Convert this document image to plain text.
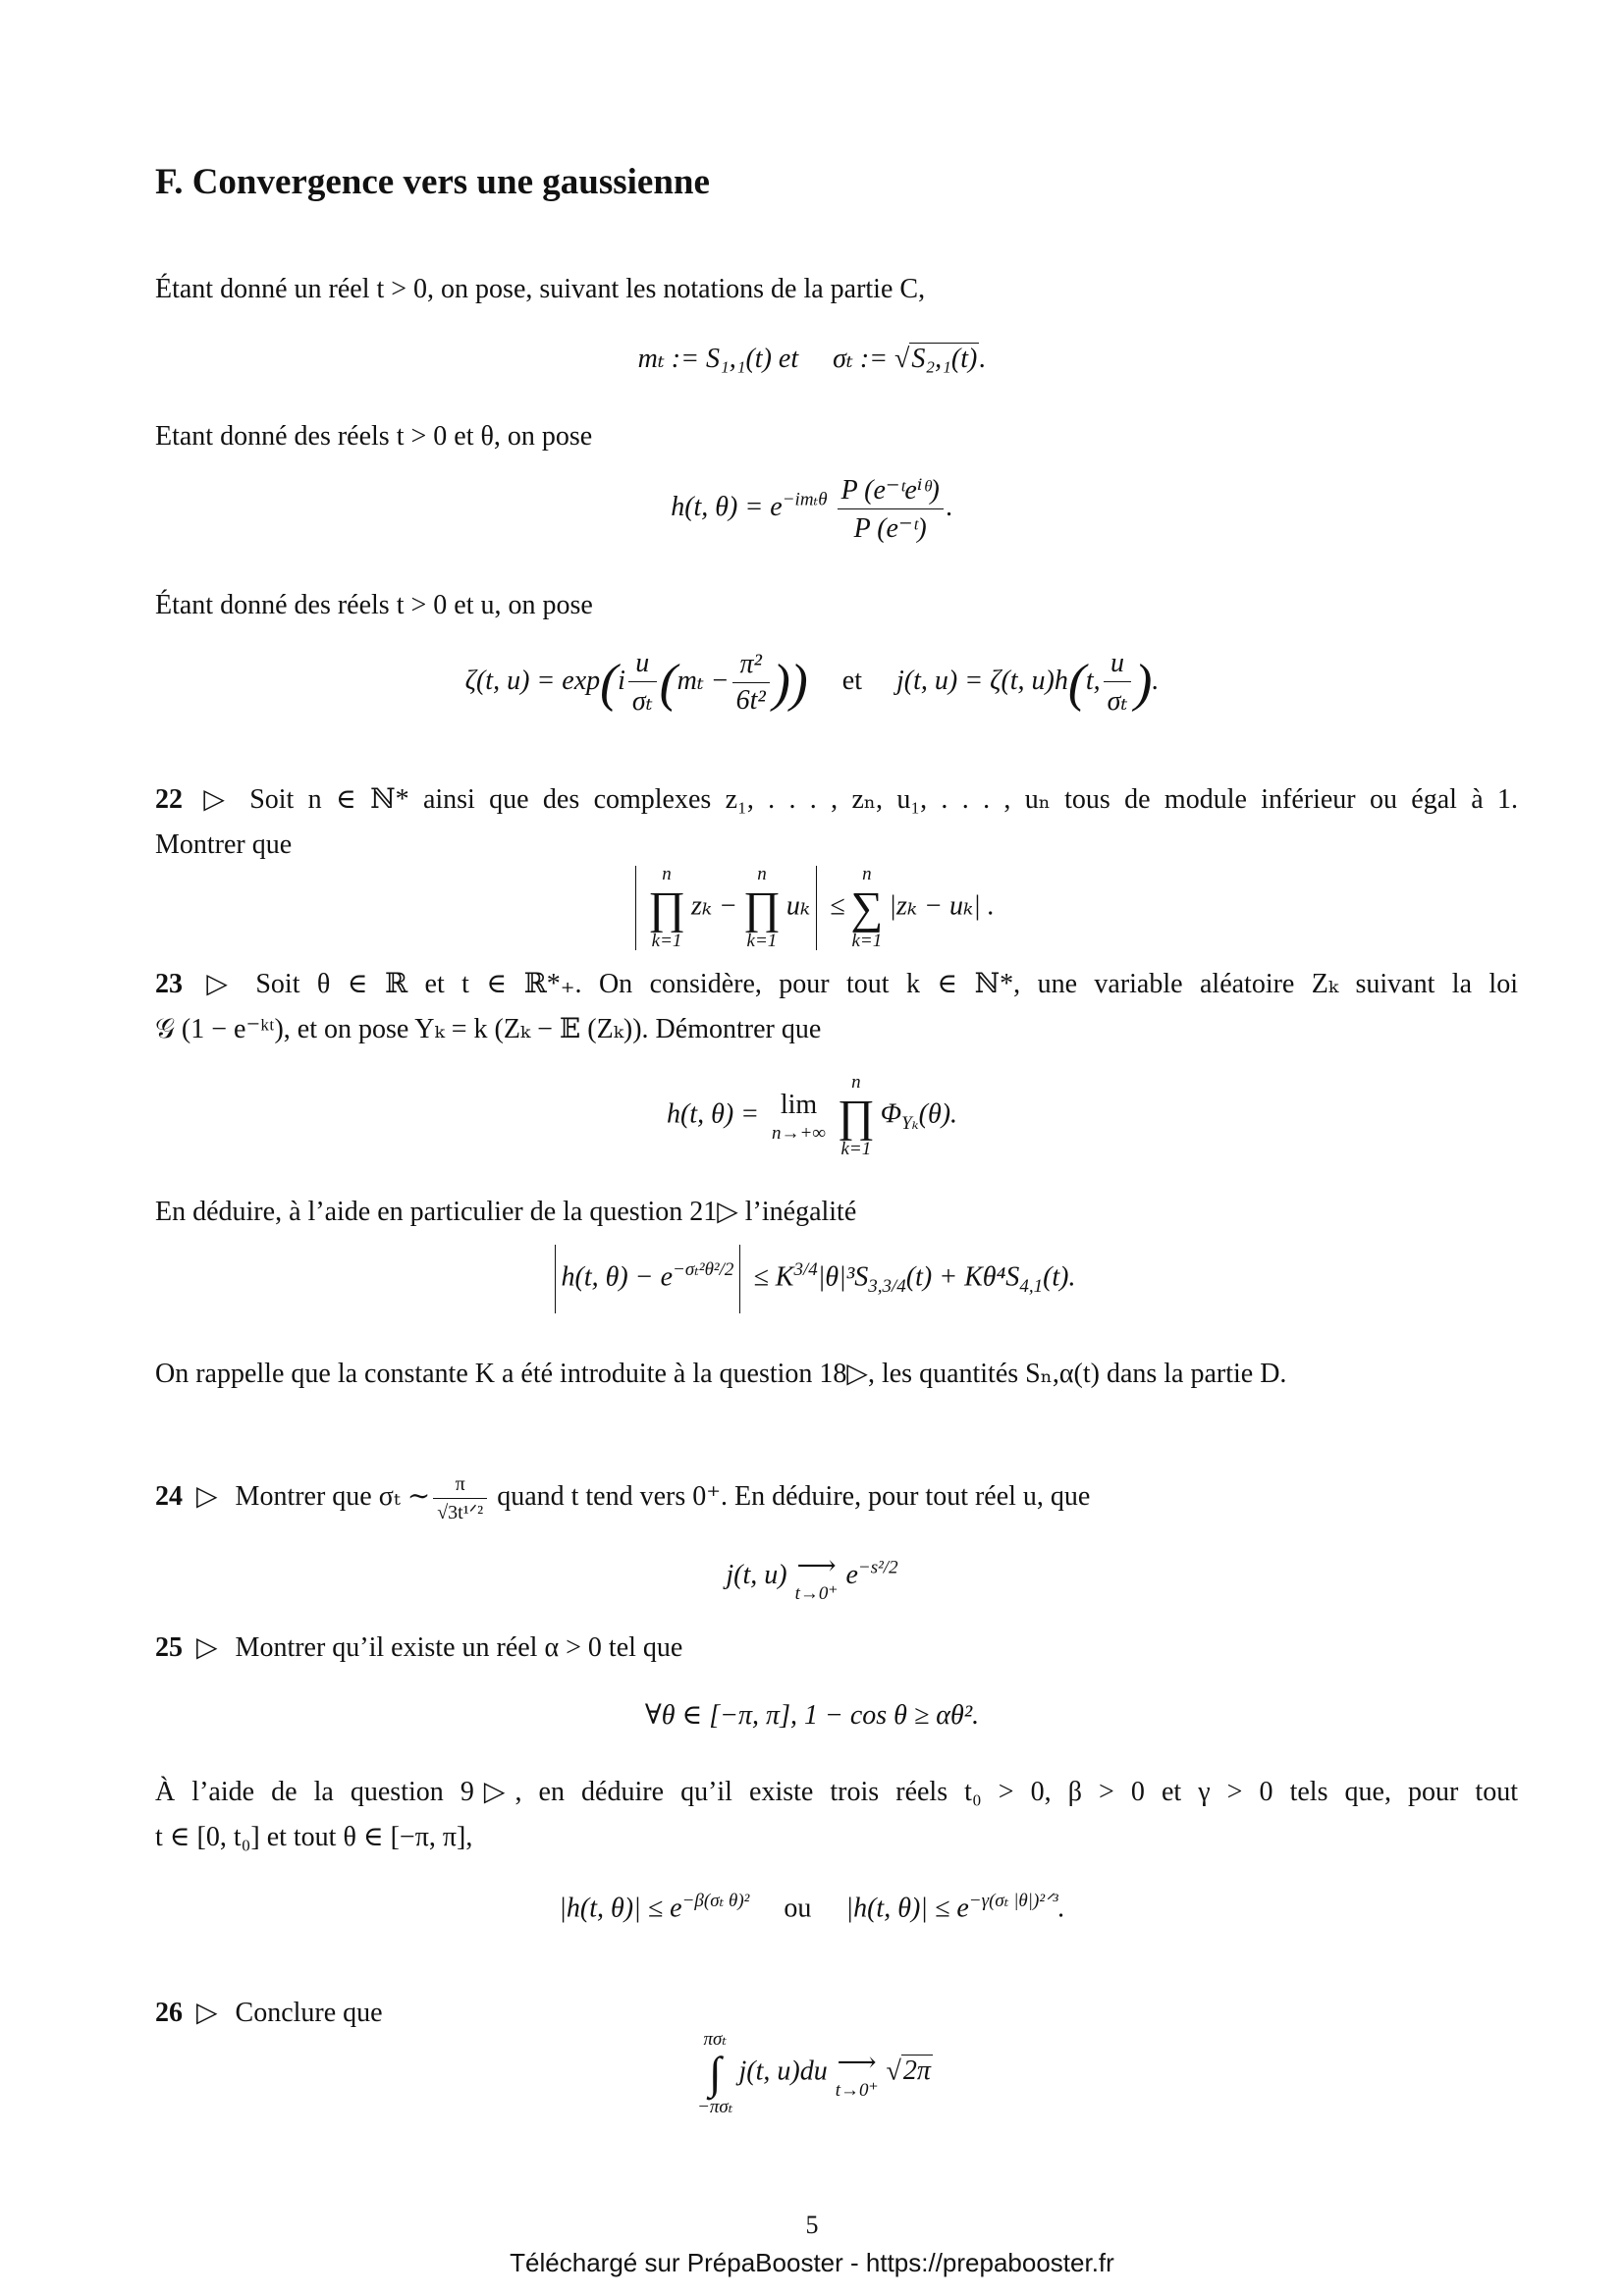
F. Convergence vers une gaussienne
Étant donné un réel t > 0, on pose, suivant les notations de la partie C,
mₜ := S₁,₁(t) et σₜ := √S₂,₁(t).
Etant donné des réels t > 0 et θ, on pose
h(t, $\theta) = e^{-im_t\theta} \frac{\text{P (e⁻ᵗeⁱᶿ)}}{\text{P (e⁻ᵗ)}}$ .
Étant donné des réels t > 0 et u, on pose
ζ(t, $u) = \exp(i \frac{u}{\text{σₜ}} (m_t - \frac{\text{π²}}{\text{6t²}}$ )) et j(t, u) = ζ(t, u)h(t, $\frac{u}{\text{σₜ}}$ ).
22 ▷ Soit n ∈ ℕ* ainsi que des complexes z₁, . . . , zₙ, u₁, . . . , uₙ tous de module inférieur ou égal à 1.
Montrer que
n
∏
k=1
zₖ −
n
∏
k=1
uₖ ≤
n
∑
k=1
|zₖ − uₖ| .
23 ▷ Soit θ ∈ ℝ et t ∈ ℝ*₊. On considère, pour tout k ∈ ℕ*, une variable aléatoire Zₖ suivant la loi
𝒢 (1 − e⁻ᵏᵗ), et on pose Yₖ = k (Zₖ − 𝔼 (Zₖ)). Démontrer que
h(t, θ) = lim
n→+∞
n
∏
k=1
$\Phi_{Y_k}(\theta)$.
En déduire, à l’aide en particulier de la question 21▷ l’inégalité
h(t, $\theta) - e^{-\sigma_t^2\theta^2/2} \le K^{3/4}|\theta|^3S_{3,3/4}(t) + K\theta^4S_{4,1}(t)$.
On rappelle que la constante K a été introduite à la question 18▷, les quantités Sₙ,α(t) dans la partie D.
24 ▷ Montrer que σₜ ∼ $\frac{\pi}{\text{√3t¹ᐟ²}}$ quand t tend vers 0⁺. En déduire, pour tout réel u, que
j(t, u) ⟶
t→0⁺
$e^{-s^2/2}$
25 ▷ Montrer qu’il existe un réel α > 0 tel que
∀θ ∈ [−π, π], 1 − cos θ ≥ αθ².
À l’aide de la question 9▷, en déduire qu’il existe trois réels t₀ > 0, β > 0 et γ > 0 tels que, pour tout
t ∈ [0, t₀] et tout θ ∈ [−π, π],
|h(t, $\theta)| \le e^{-\beta(\sigma_t \theta)^2}$ ou |h(t, $\theta)| \le e^{-\gamma(\sigma_t |\theta|)^2ᐟ^3}$.
26 ▷ Conclure que
πσₜ
∫
−πσₜ
j(t, u)du ⟶
t→0⁺
√2π
5
Téléchargé sur PrépaBooster - https://prepabooster.fr
